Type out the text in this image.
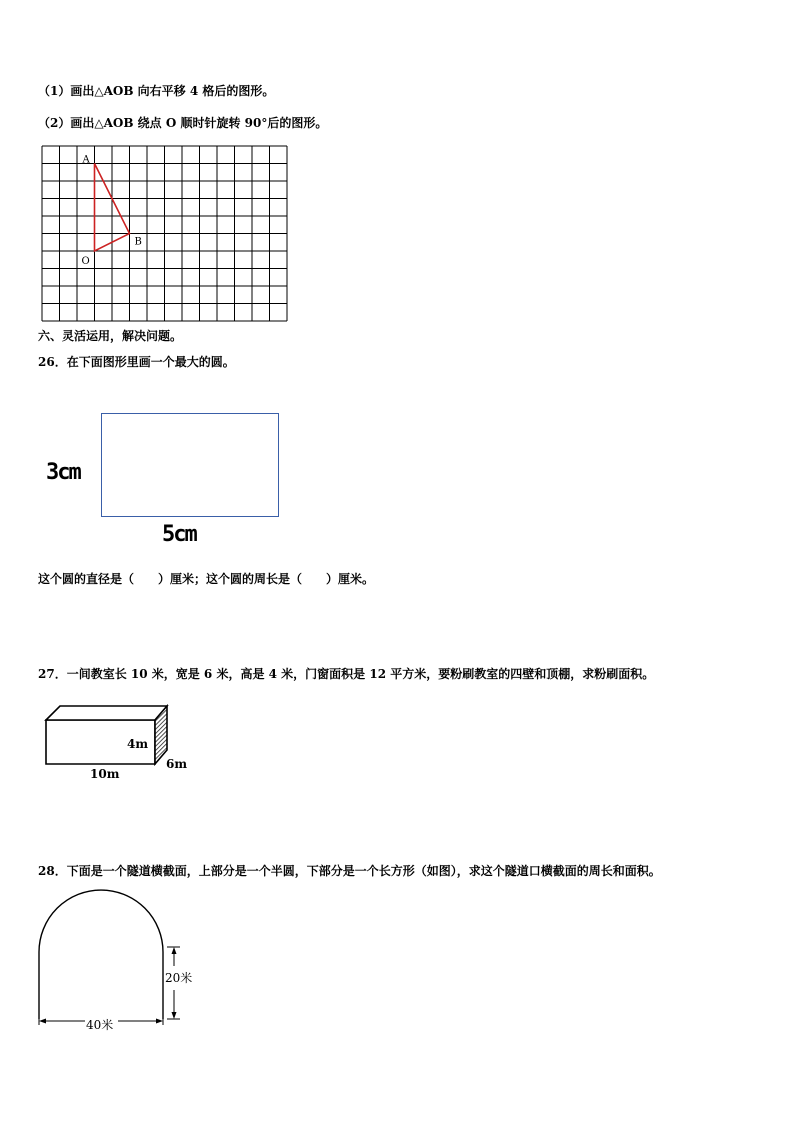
（1）画出△AOB 向右平移 4 格后的图形。
（2）画出△AOB 绕点 O 顺时针旋转 90°后的图形。
A
O
B
六、灵活运用，解决问题。
26．在下面图形里画一个最大的圆。
3cm
5cm
这个圆的直径是（　　）厘米；这个圆的周长是（　　）厘米。
27．一间教室长 10 米，宽是 6 米，高是 4 米，门窗面积是 12 平方米，要粉刷教室的四壁和顶棚，求粉刷面积。
4m
10m
6m
28．下面是一个隧道横截面，上部分是一个半圆，下部分是一个长方形（如图），求这个隧道口横截面的周长和面积。
20米
40米
